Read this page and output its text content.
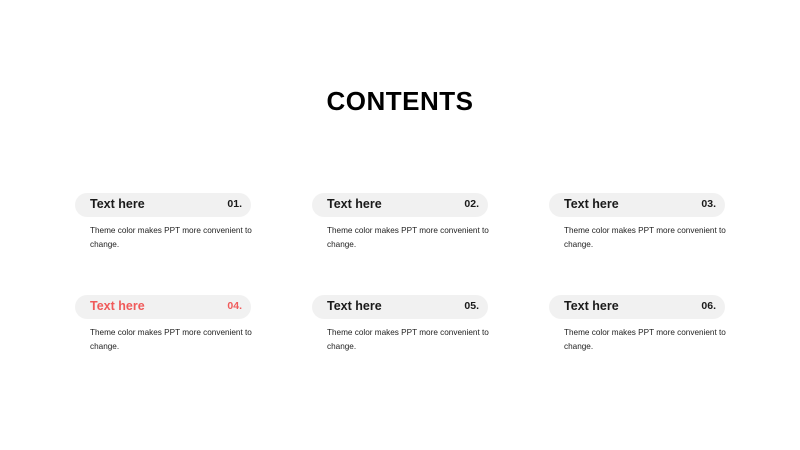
CONTENTS
Text here	01.
Theme color makes PPT more convenient to change.
Text here	02.
Theme color makes PPT more convenient to change.
Text here	03.
Theme color makes PPT more convenient to change.
Text here	04.
Theme color makes PPT more convenient to change.
Text here	05.
Theme color makes PPT more convenient to change.
Text here	06.
Theme color makes PPT more convenient to change.
